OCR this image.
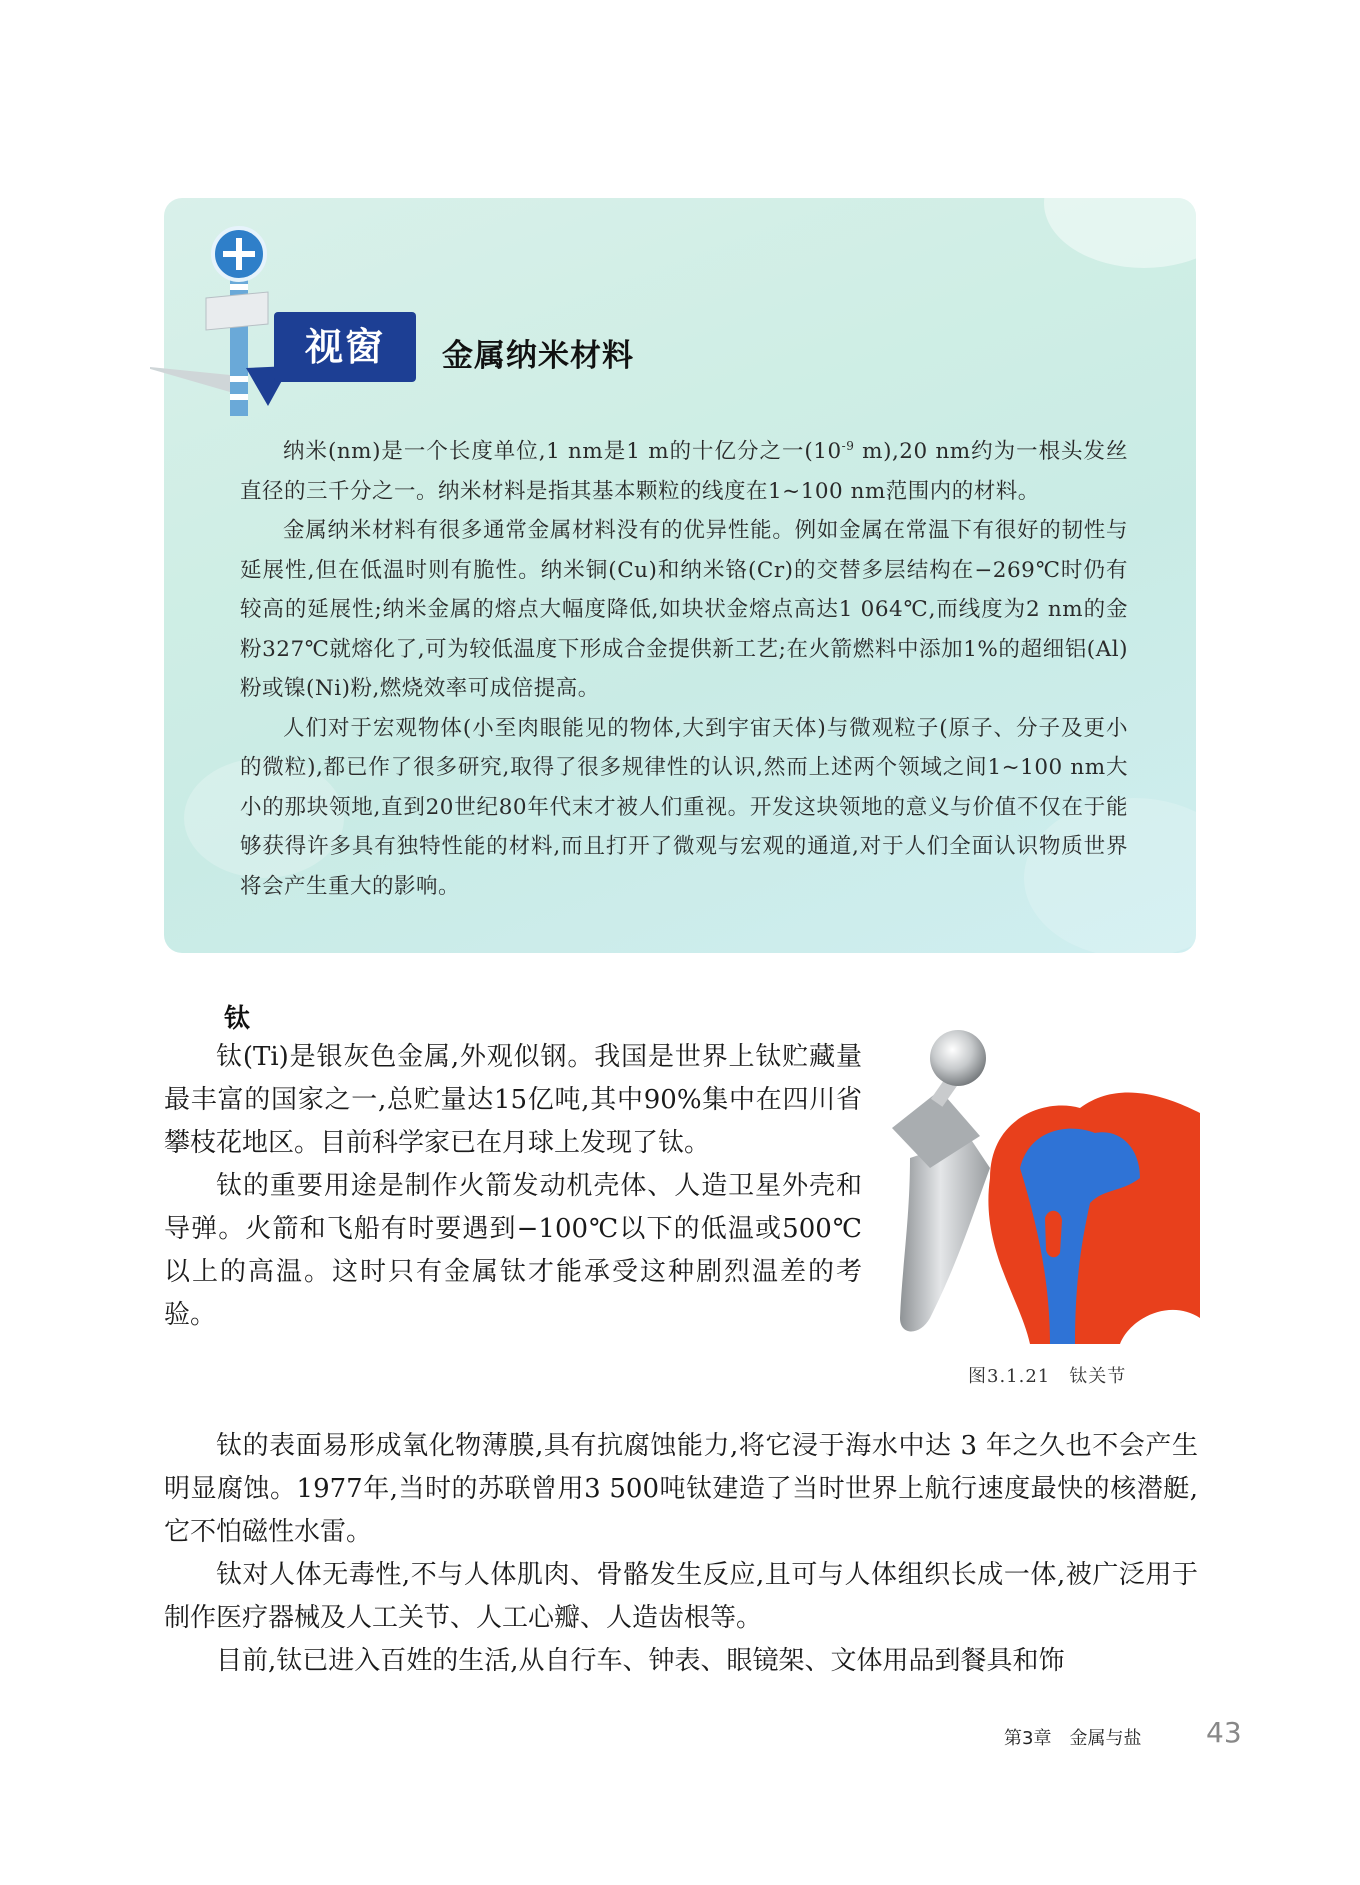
视窗	金属纳米材料

纳米(nm)是一个长度单位,1 nm是1 m的十亿分之一($10^{-9}$ m),20 nm约为一根头发丝直径的三千分之一。纳米材料是指其基本颗粒的线度在1~100 nm范围内的材料。

金属纳米材料有很多通常金属材料没有的优异性能。例如金属在常温下有很好的韧性与延展性,但在低温时则有脆性。纳米铜(Cu)和纳米铬(Cr)的交替多层结构在−269℃时仍有较高的延展性;纳米金属的熔点大幅度降低,如块状金熔点高达1 064℃,而线度为2 nm的金粉327℃就熔化了,可为较低温度下形成合金提供新工艺;在火箭燃料中添加1%的超细铝(Al)粉或镍(Ni)粉,燃烧效率可成倍提高。

人们对于宏观物体(小至肉眼能见的物体,大到宇宙天体)与微观粒子(原子、分子及更小的微粒),都已作了很多研究,取得了很多规律性的认识,然而上述两个领域之间1~100 nm大小的那块领地,直到20世纪80年代末才被人们重视。开发这块领地的意义与价值不仅在于能够获得许多具有独特性能的材料,而且打开了微观与宏观的通道,对于人们全面认识物质世界将会产生重大的影响。

钛

钛(Ti)是银灰色金属,外观似钢。我国是世界上钛贮藏量最丰富的国家之一,总贮量达15亿吨,其中90%集中在四川省攀枝花地区。目前科学家已在月球上发现了钛。

钛的重要用途是制作火箭发动机壳体、人造卫星外壳和导弹。火箭和飞船有时要遇到−100℃以下的低温或500℃以上的高温。这时只有金属钛才能承受这种剧烈温差的考验。

图3.1.21　钛关节

钛的表面易形成氧化物薄膜,具有抗腐蚀能力,将它浸于海水中达 3 年之久也不会产生明显腐蚀。1977年,当时的苏联曾用3 500吨钛建造了当时世界上航行速度最快的核潜艇,它不怕磁性水雷。

钛对人体无毒性,不与人体肌肉、骨骼发生反应,且可与人体组织长成一体,被广泛用于制作医疗器械及人工关节、人工心瓣、人造齿根等。

目前,钛已进入百姓的生活,从自行车、钟表、眼镜架、文体用品到餐具和饰

第3章　金属与盐 43
